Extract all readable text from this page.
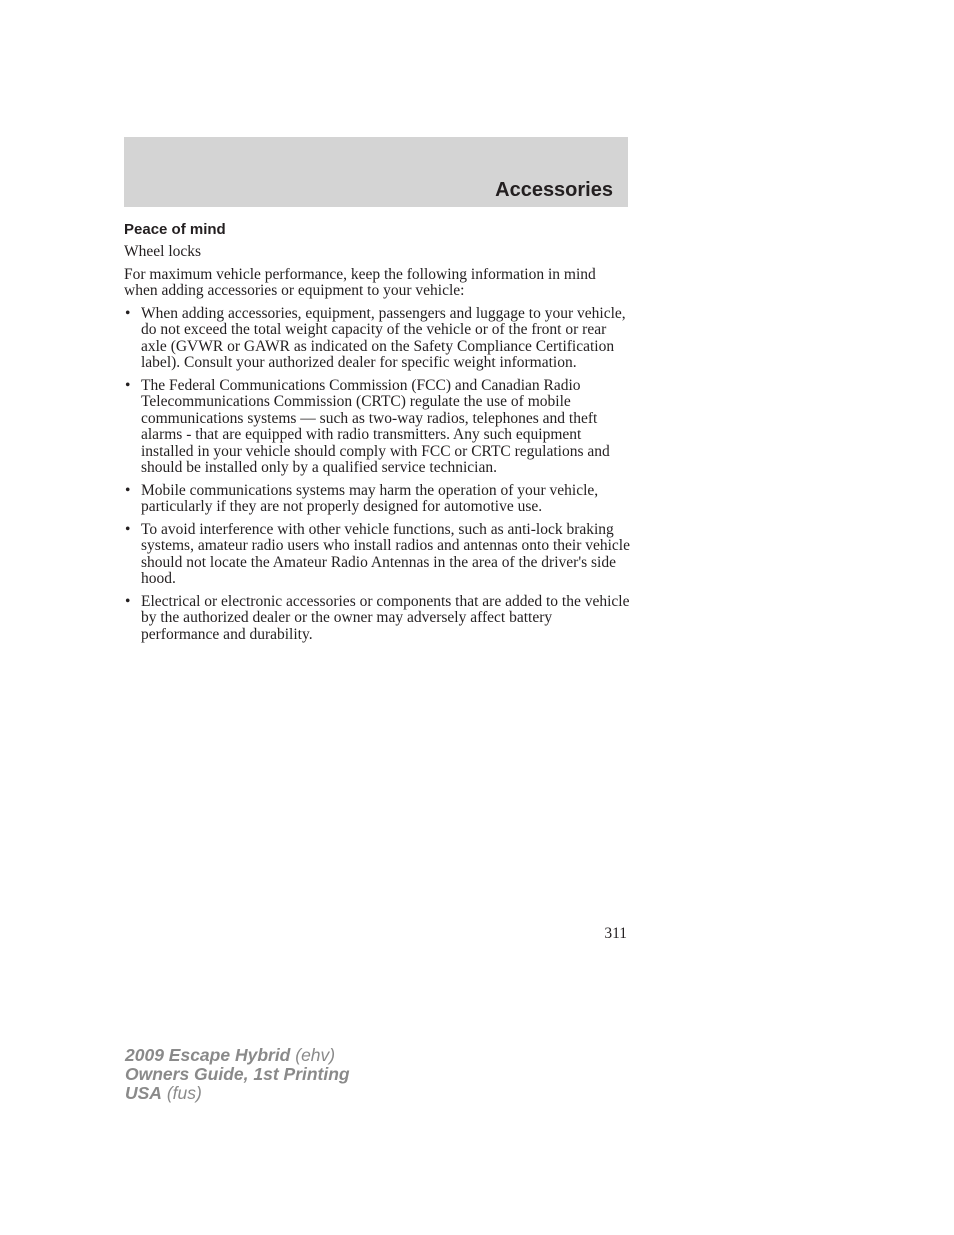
Accessories
Peace of mind

Wheel locks

For maximum vehicle performance, keep the following information in mind when adding accessories or equipment to your vehicle:

• When adding accessories, equipment, passengers and luggage to your vehicle, do not exceed the total weight capacity of the vehicle or of the front or rear axle (GVWR or GAWR as indicated on the Safety Compliance Certification label). Consult your authorized dealer for specific weight information.
• The Federal Communications Commission (FCC) and Canadian Radio Telecommunications Commission (CRTC) regulate the use of mobile communications systems — such as two-way radios, telephones and theft alarms - that are equipped with radio transmitters. Any such equipment installed in your vehicle should comply with FCC or CRTC regulations and should be installed only by a qualified service technician.
• Mobile communications systems may harm the operation of your vehicle, particularly if they are not properly designed for automotive use.
• To avoid interference with other vehicle functions, such as anti-lock braking systems, amateur radio users who install radios and antennas onto their vehicle should not locate the Amateur Radio Antennas in the area of the driver's side hood.
• Electrical or electronic accessories or components that are added to the vehicle by the authorized dealer or the owner may adversely affect battery performance and durability.
311
2009 Escape Hybrid (ehv)
Owners Guide, 1st Printing
USA (fus)
